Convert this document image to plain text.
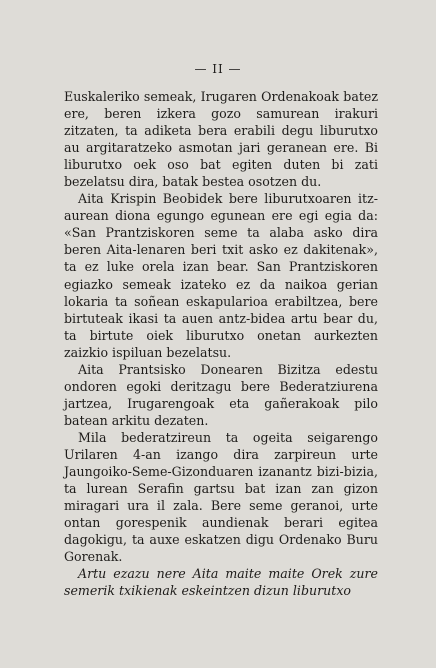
— II —

Euskaleriko semeak, Irugaren Ordenakoak batez ere, beren izkera gozo samurean irakuri zitzaten, ta adiketa bera erabili degu liburutxo au argitaratzeko asmotan jari geranean ere. Bi liburutxo oek oso bat egiten duten bi zati bezelatsu dira, batak bestea osotzen du.

Aita Krispin Beobidek bere liburutxoaren itz-aurean diona egungo egunean ere egi egia da: «San Prantziskoren seme ta alaba asko dira beren Aita-lenaren beri txit asko ez dakitenak», ta ez luke orela izan bear. San Prantziskoren egiazko semeak izateko ez da naikoa gerian lokaria ta soñean eskapularioa erabiltzea, bere birtuteak ikasi ta auen antz-bidea artu bear du, ta birtute oiek liburutxo onetan aurkezten zaizkio ispiluan bezelatsu.

Aita Prantsisko Donearen Bizitza edestu ondoren egoki deritzagu bere Bederatziurena jartzea, Irugarengoak eta gañerakoak pilo batean arkitu dezaten.

Mila bederatzireun ta ogeita seigarengo Urilaren 4-an izango dira zarpireun urte Jaungoiko-Seme-Gizonduaren izanantz bizi-bizia, ta lurean Serafin gartsu bat izan zan gizon miragari ura il zala. Bere seme geranoi, urte ontan gorespenik aundienak berari egitea dagokigu, ta auxe eskatzen digu Ordenako Buru Gorenak.

Artu ezazu nere Aita maite maite Orek zure semerik txikienak eskeintzen dizun liburutxo
